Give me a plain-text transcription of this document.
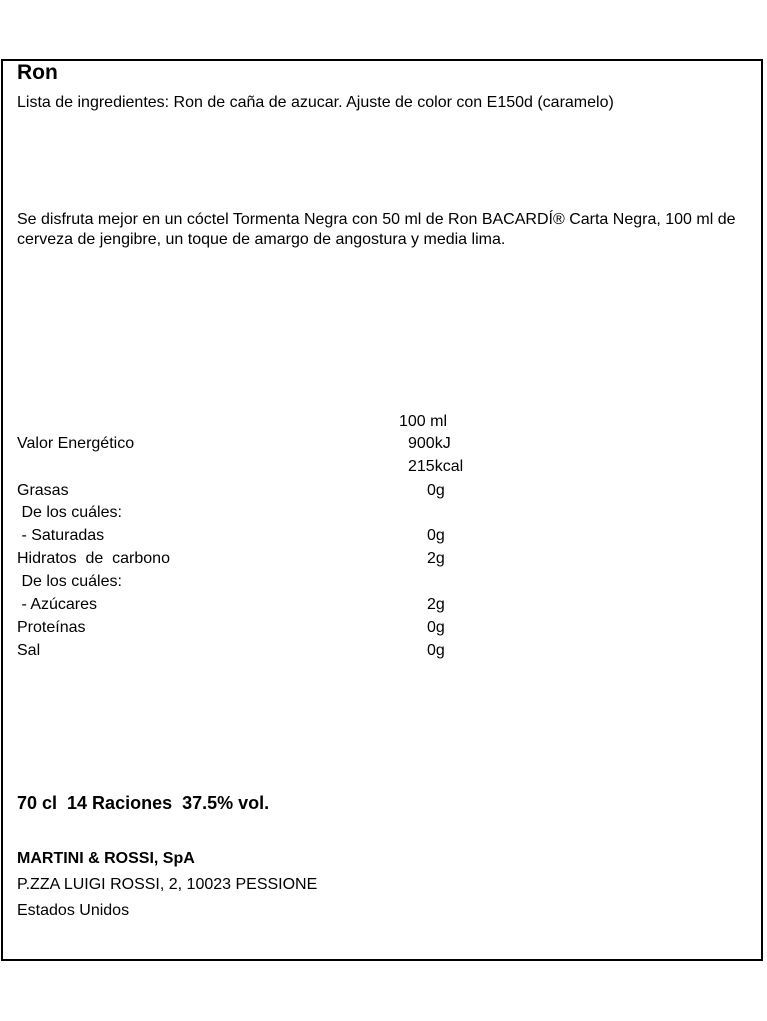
Ron
Lista de ingredientes: Ron de caña de azucar. Ajuste de color con E150d (caramelo)
Se disfruta mejor en un cóctel Tormenta Negra con 50 ml de Ron BACARDÍ® Carta Negra, 100 ml de cerveza de jengibre, un toque de amargo de angostura y media lima.
100 ml
Valor Energético	900kJ
215kcal
Grasas	0g
De los cuáles:
- Saturadas	0g
Hidratos  de  carbono	2g
De los cuáles:
- Azúcares	2g
Proteínas	0g
Sal	0g
70 cl  14 Raciones  37.5% vol.
MARTINI & ROSSI, SpA
P.ZZA LUIGI ROSSI, 2, 10023 PESSIONE
Estados Unidos
